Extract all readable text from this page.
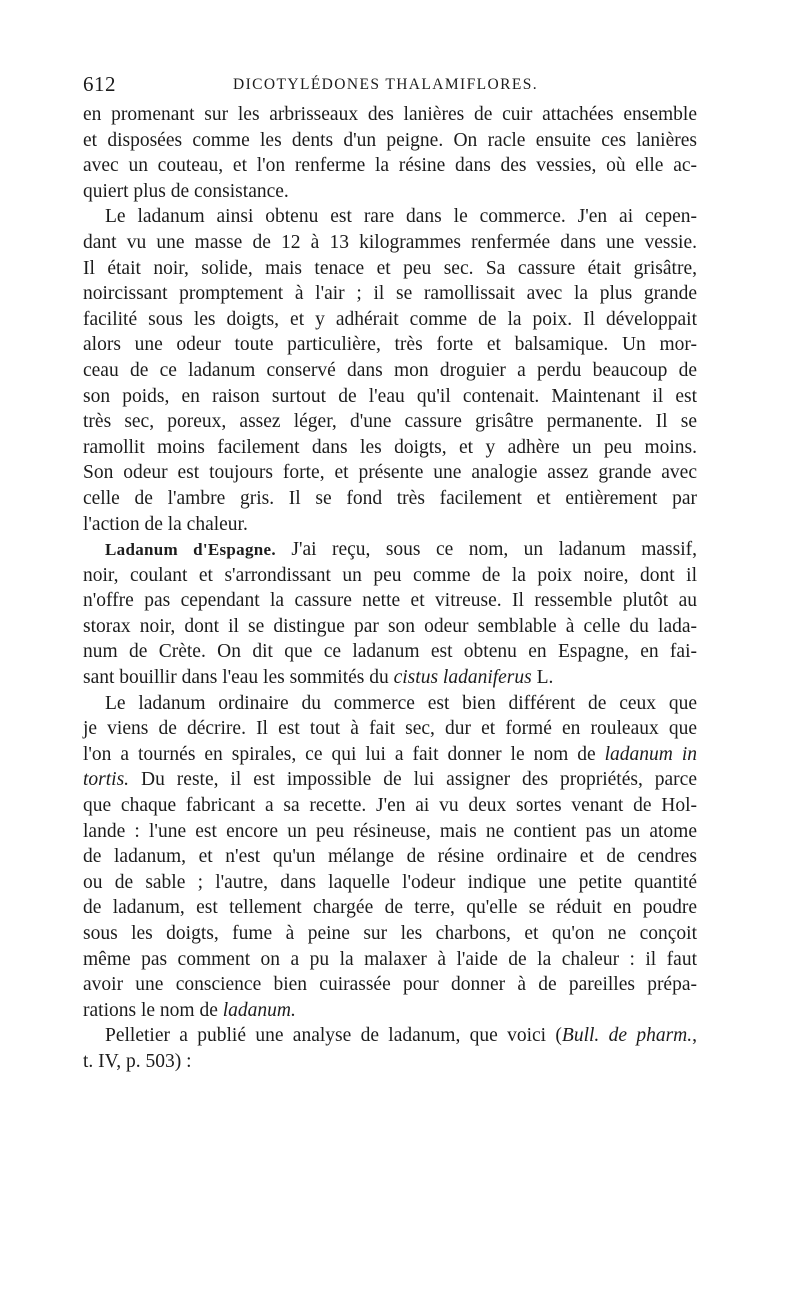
612	DICOTYLÉDONES THALAMIFLORES.
en promenant sur les arbrisseaux des lanières de cuir attachées ensemble
et disposées comme les dents d'un peigne. On racle ensuite ces lanières
avec un couteau, et l'on renferme la résine dans des vessies, où elle ac-
quiert plus de consistance.
Le ladanum ainsi obtenu est rare dans le commerce. J'en ai cepen-
dant vu une masse de 12 à 13 kilogrammes renfermée dans une vessie.
Il était noir, solide, mais tenace et peu sec. Sa cassure était grisâtre,
noircissant promptement à l'air ; il se ramollissait avec la plus grande
facilité sous les doigts, et y adhérait comme de la poix. Il développait
alors une odeur toute particulière, très forte et balsamique. Un mor-
ceau de ce ladanum conservé dans mon droguier a perdu beaucoup de
son poids, en raison surtout de l'eau qu'il contenait. Maintenant il est
très sec, poreux, assez léger, d'une cassure grisâtre permanente. Il se
ramollit moins facilement dans les doigts, et y adhère un peu moins.
Son odeur est toujours forte, et présente une analogie assez grande avec
celle de l'ambre gris. Il se fond très facilement et entièrement par
l'action de la chaleur.
Ladanum d'Espagne. J'ai reçu, sous ce nom, un ladanum massif,
noir, coulant et s'arrondissant un peu comme de la poix noire, dont il
n'offre pas cependant la cassure nette et vitreuse. Il ressemble plutôt au
storax noir, dont il se distingue par son odeur semblable à celle du lada-
num de Crète. On dit que ce ladanum est obtenu en Espagne, en fai-
sant bouillir dans l'eau les sommités du cistus ladaniferus L.
Le ladanum ordinaire du commerce est bien différent de ceux que
je viens de décrire. Il est tout à fait sec, dur et formé en rouleaux que
l'on a tournés en spirales, ce qui lui a fait donner le nom de ladanum in
tortis. Du reste, il est impossible de lui assigner des propriétés, parce
que chaque fabricant a sa recette. J'en ai vu deux sortes venant de Hol-
lande : l'une est encore un peu résineuse, mais ne contient pas un atome
de ladanum, et n'est qu'un mélange de résine ordinaire et de cendres
ou de sable ; l'autre, dans laquelle l'odeur indique une petite quantité
de ladanum, est tellement chargée de terre, qu'elle se réduit en poudre
sous les doigts, fume à peine sur les charbons, et qu'on ne conçoit
même pas comment on a pu la malaxer à l'aide de la chaleur : il faut
avoir une conscience bien cuirassée pour donner à de pareilles prépa-
rations le nom de ladanum.
Pelletier a publié une analyse de ladanum, que voici (Bull. de pharm.,
t. IV, p. 503) :
